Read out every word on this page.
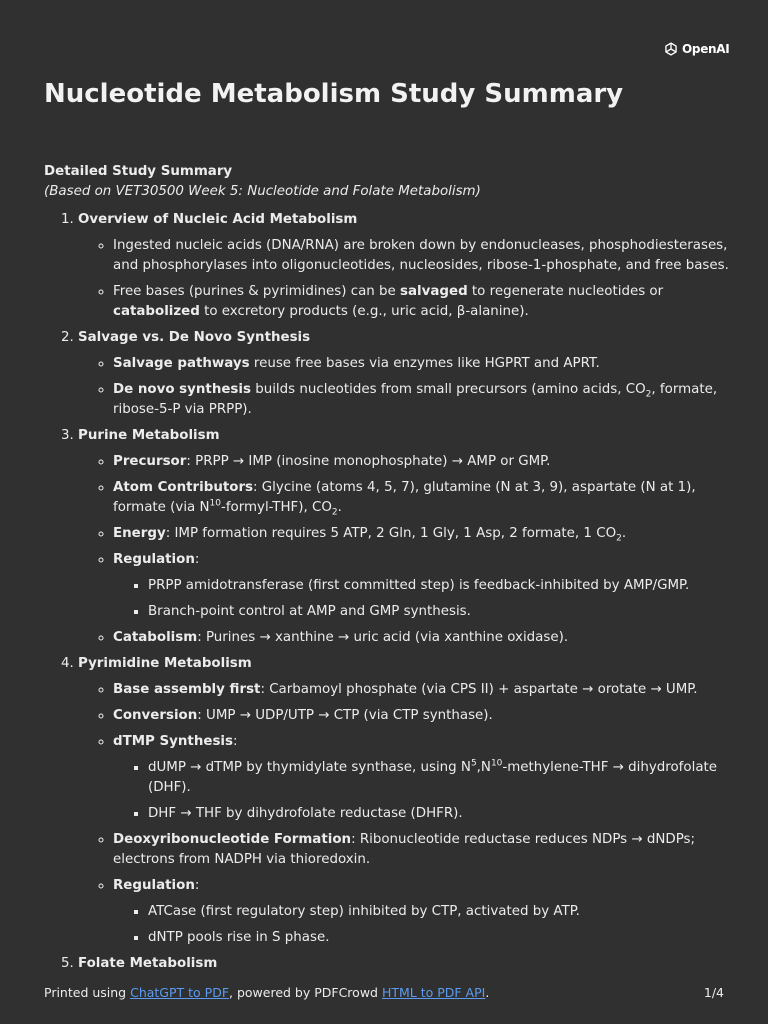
OpenAI
Nucleotide Metabolism Study Summary

Detailed Study Summary

(Based on VET30500 Week 5: Nucleotide and Folate Metabolism)

1. Overview of Nucleic Acid Metabolism
◦ Ingested nucleic acids (DNA/RNA) are broken down by endonucleases, phosphodiesterases, and phosphorylases into oligonucleotides, nucleosides, ribose-1-phosphate, and free bases.
◦ Free bases (purines & pyrimidines) can be salvaged to regenerate nucleotides or catabolized to excretory products (e.g., uric acid, β-alanine).
2. Salvage vs. De Novo Synthesis
◦ Salvage pathways reuse free bases via enzymes like HGPRT and APRT.
◦ De novo synthesis builds nucleotides from small precursors (amino acids, $CO_2$, formate, ribose-5-P via PRPP).
3. Purine Metabolism
◦ Precursor: PRPP → IMP (inosine monophosphate) → AMP or GMP.
◦ Atom Contributors: Glycine (atoms 4, 5, 7), glutamine (N at 3, 9), aspartate (N at 1), formate (via $N^{10}-formyl-THF$), $CO_2$.
◦ Energy: IMP formation requires 5 ATP, 2 Gln, 1 Gly, 1 Asp, 2 formate, 1 $CO_2$.
◦ Regulation:
▪ PRPP amidotransferase (first committed step) is feedback-inhibited by AMP/GMP.
▪ Branch-point control at AMP and GMP synthesis.
◦ Catabolism: Purines → xanthine → uric acid (via xanthine oxidase).
4. Pyrimidine Metabolism
◦ Base assembly first: Carbamoyl phosphate (via CPS II) + aspartate → orotate → UMP.
◦ Conversion: UMP → UDP/UTP → CTP (via CTP synthase).
◦ dTMP Synthesis:
▪ dUMP → dTMP by thymidylate synthase, using $N^5,N^{10}-methylene$-THF → dihydrofolate (DHF).
▪ DHF → THF by dihydrofolate reductase (DHFR).
◦ Deoxyribonucleotide Formation: Ribonucleotide reductase reduces NDPs → dNDPs; electrons from NADPH via thioredoxin.
◦ Regulation:
▪ ATCase (first regulatory step) inhibited by CTP, activated by ATP.
▪ dNTP pools rise in S phase.
5. Folate Metabolism
Printed using ChatGPT to PDF, powered by PDFCrowd HTML to PDF API.	1/4
